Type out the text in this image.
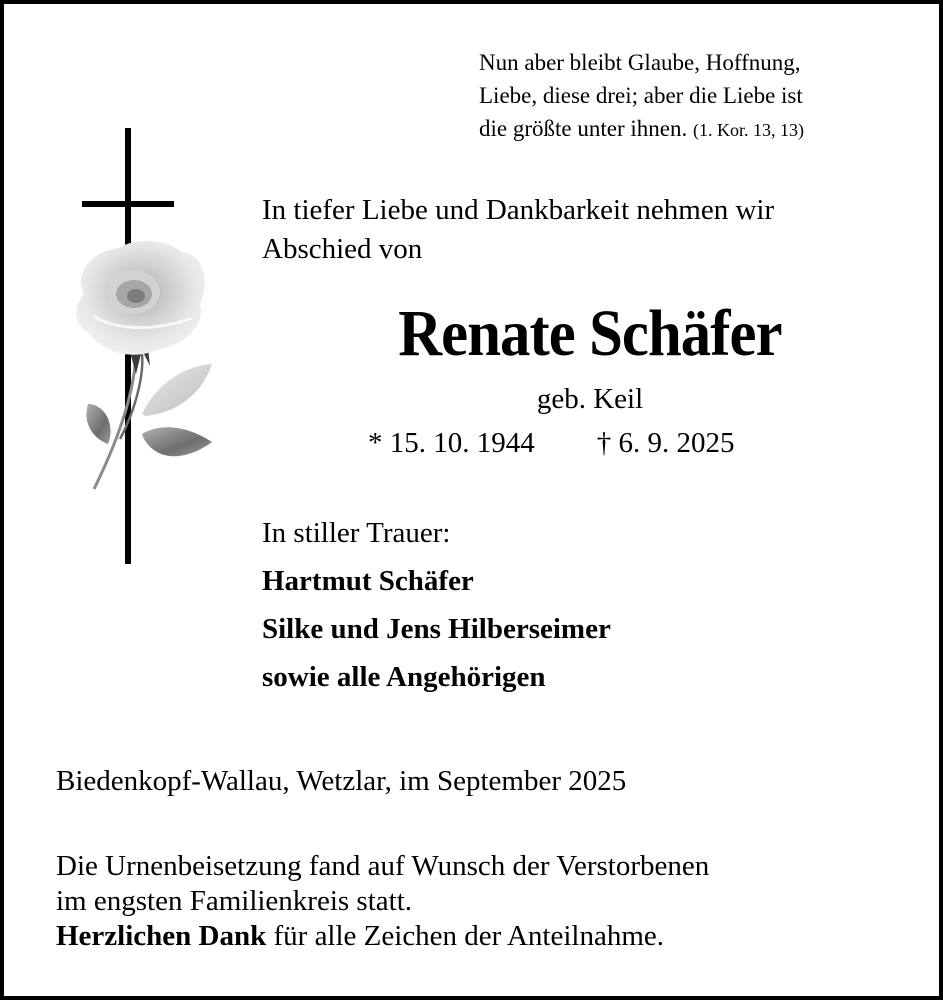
Nun aber bleibt Glaube, Hoffnung,
Liebe, diese drei; aber die Liebe ist
die größte unter ihnen. (1. Kor. 13, 13)
In tiefer Liebe und Dankbarkeit nehmen wir
Abschied von
Renate Schäfer
geb. Keil
* 15. 10. 1944 † 6. 9. 2025
In stiller Trauer:
Hartmut Schäfer
Silke und Jens Hilberseimer
sowie alle Angehörigen
Biedenkopf-Wallau, Wetzlar, im September 2025
Die Urnenbeisetzung fand auf Wunsch der Verstorbenen
im engsten Familienkreis statt.
Herzlichen Dank für alle Zeichen der Anteilnahme.
